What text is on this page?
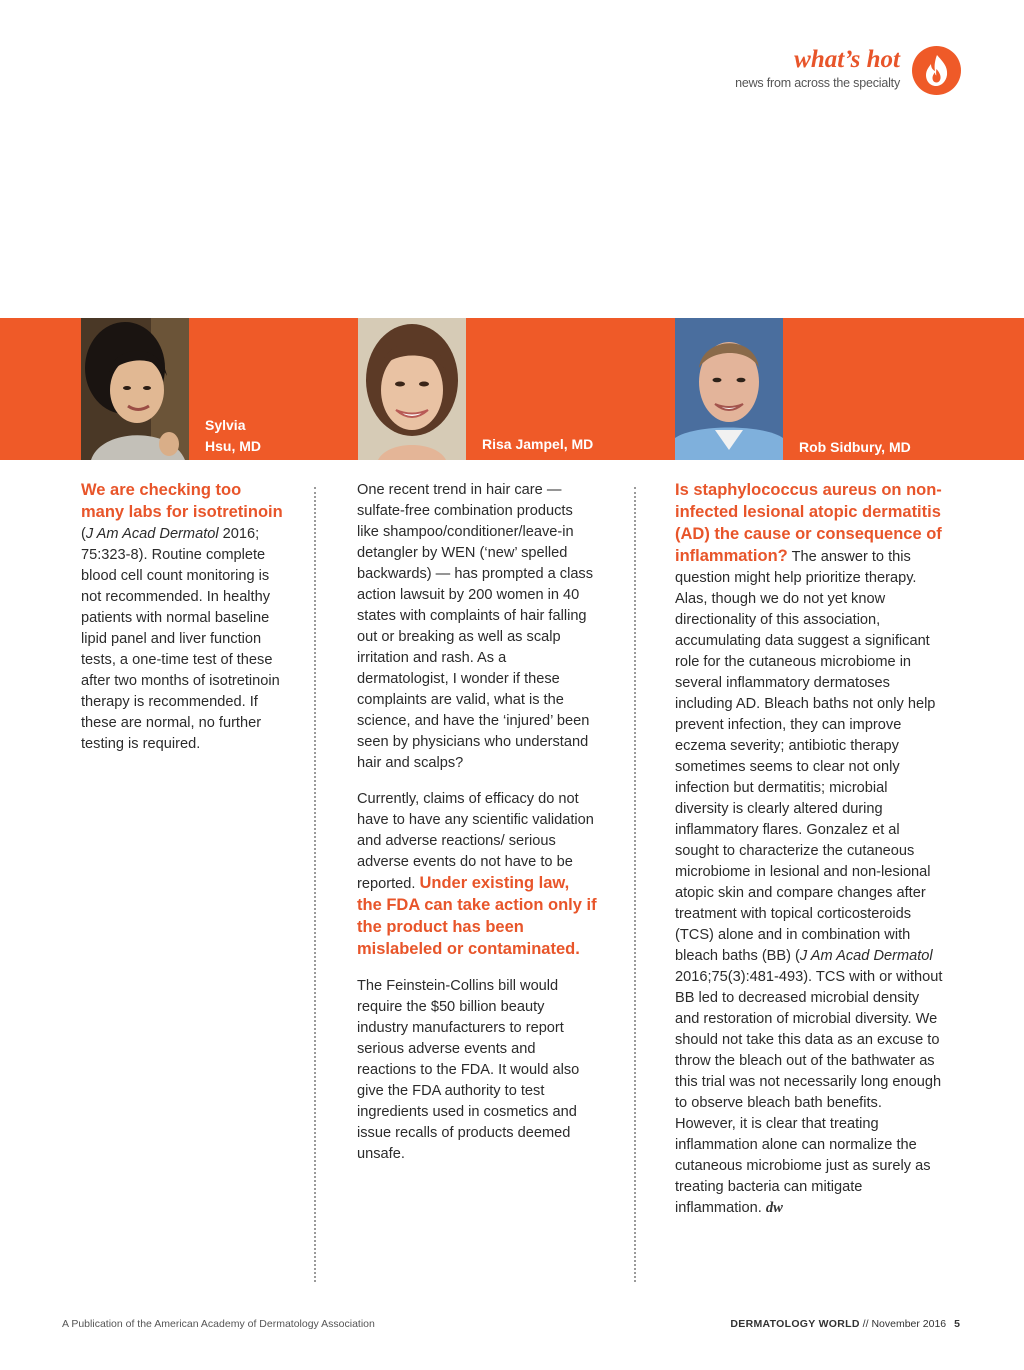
what’s hot
news from across the specialty
Sylvia
Hsu, MD	Risa Jampel, MD	Rob Sidbury, MD

We are checking too many labs for isotretinoin (J Am Acad Dermatol 2016; 75:323-8). Routine complete blood cell count monitoring is not recommended. In healthy patients with normal baseline lipid panel and liver function tests, a one-time test of these after two months of isotretinoin therapy is recommended. If these are normal, no further testing is required.

One recent trend in hair care — sulfate-free combination products like shampoo/conditioner/leave-in detangler by WEN (‘new’ spelled backwards) — has prompted a class action lawsuit by 200 women in 40 states with complaints of hair falling out or breaking as well as scalp irritation and rash. As a dermatologist, I wonder if these complaints are valid, what is the science, and have the ‘injured’ been seen by physicians who understand hair and scalps?

Currently, claims of efficacy do not have to have any scientific validation and adverse reactions/ serious adverse events do not have to be reported. Under existing law, the FDA can take action only if the product has been mislabeled or contaminated.

The Feinstein-Collins bill would require the $50 billion beauty industry manufacturers to report serious adverse events and reactions to the FDA. It would also give the FDA authority to test ingredients used in cosmetics and issue recalls of products deemed unsafe.

Is staphylococcus aureus on non-infected lesional atopic dermatitis (AD) the cause or consequence of inflammation? The answer to this question might help prioritize therapy. Alas, though we do not yet know directionality of this association, accumulating data suggest a significant role for the cutaneous microbiome in several inflammatory dermatoses including AD. Bleach baths not only help prevent infection, they can improve eczema severity; antibiotic therapy sometimes seems to clear not only infection but dermatitis; microbial diversity is clearly altered during inflammatory flares. Gonzalez et al sought to characterize the cutaneous microbiome in lesional and non-lesional atopic skin and compare changes after treatment with topical corticosteroids (TCS) alone and in combination with bleach baths (BB) (J Am Acad Dermatol 2016;75(3):481-493). TCS with or without BB led to decreased microbial density and restoration of microbial diversity. We should not take this data as an excuse to throw the bleach out of the bathwater as this trial was not necessarily long enough to observe bleach bath benefits. However, it is clear that treating inflammation alone can normalize the cutaneous microbiome just as surely as treating bacteria can mitigate inflammation. dw

A Publication of the American Academy of Dermatology Association	DERMATOLOGY WORLD // November 2016 5
